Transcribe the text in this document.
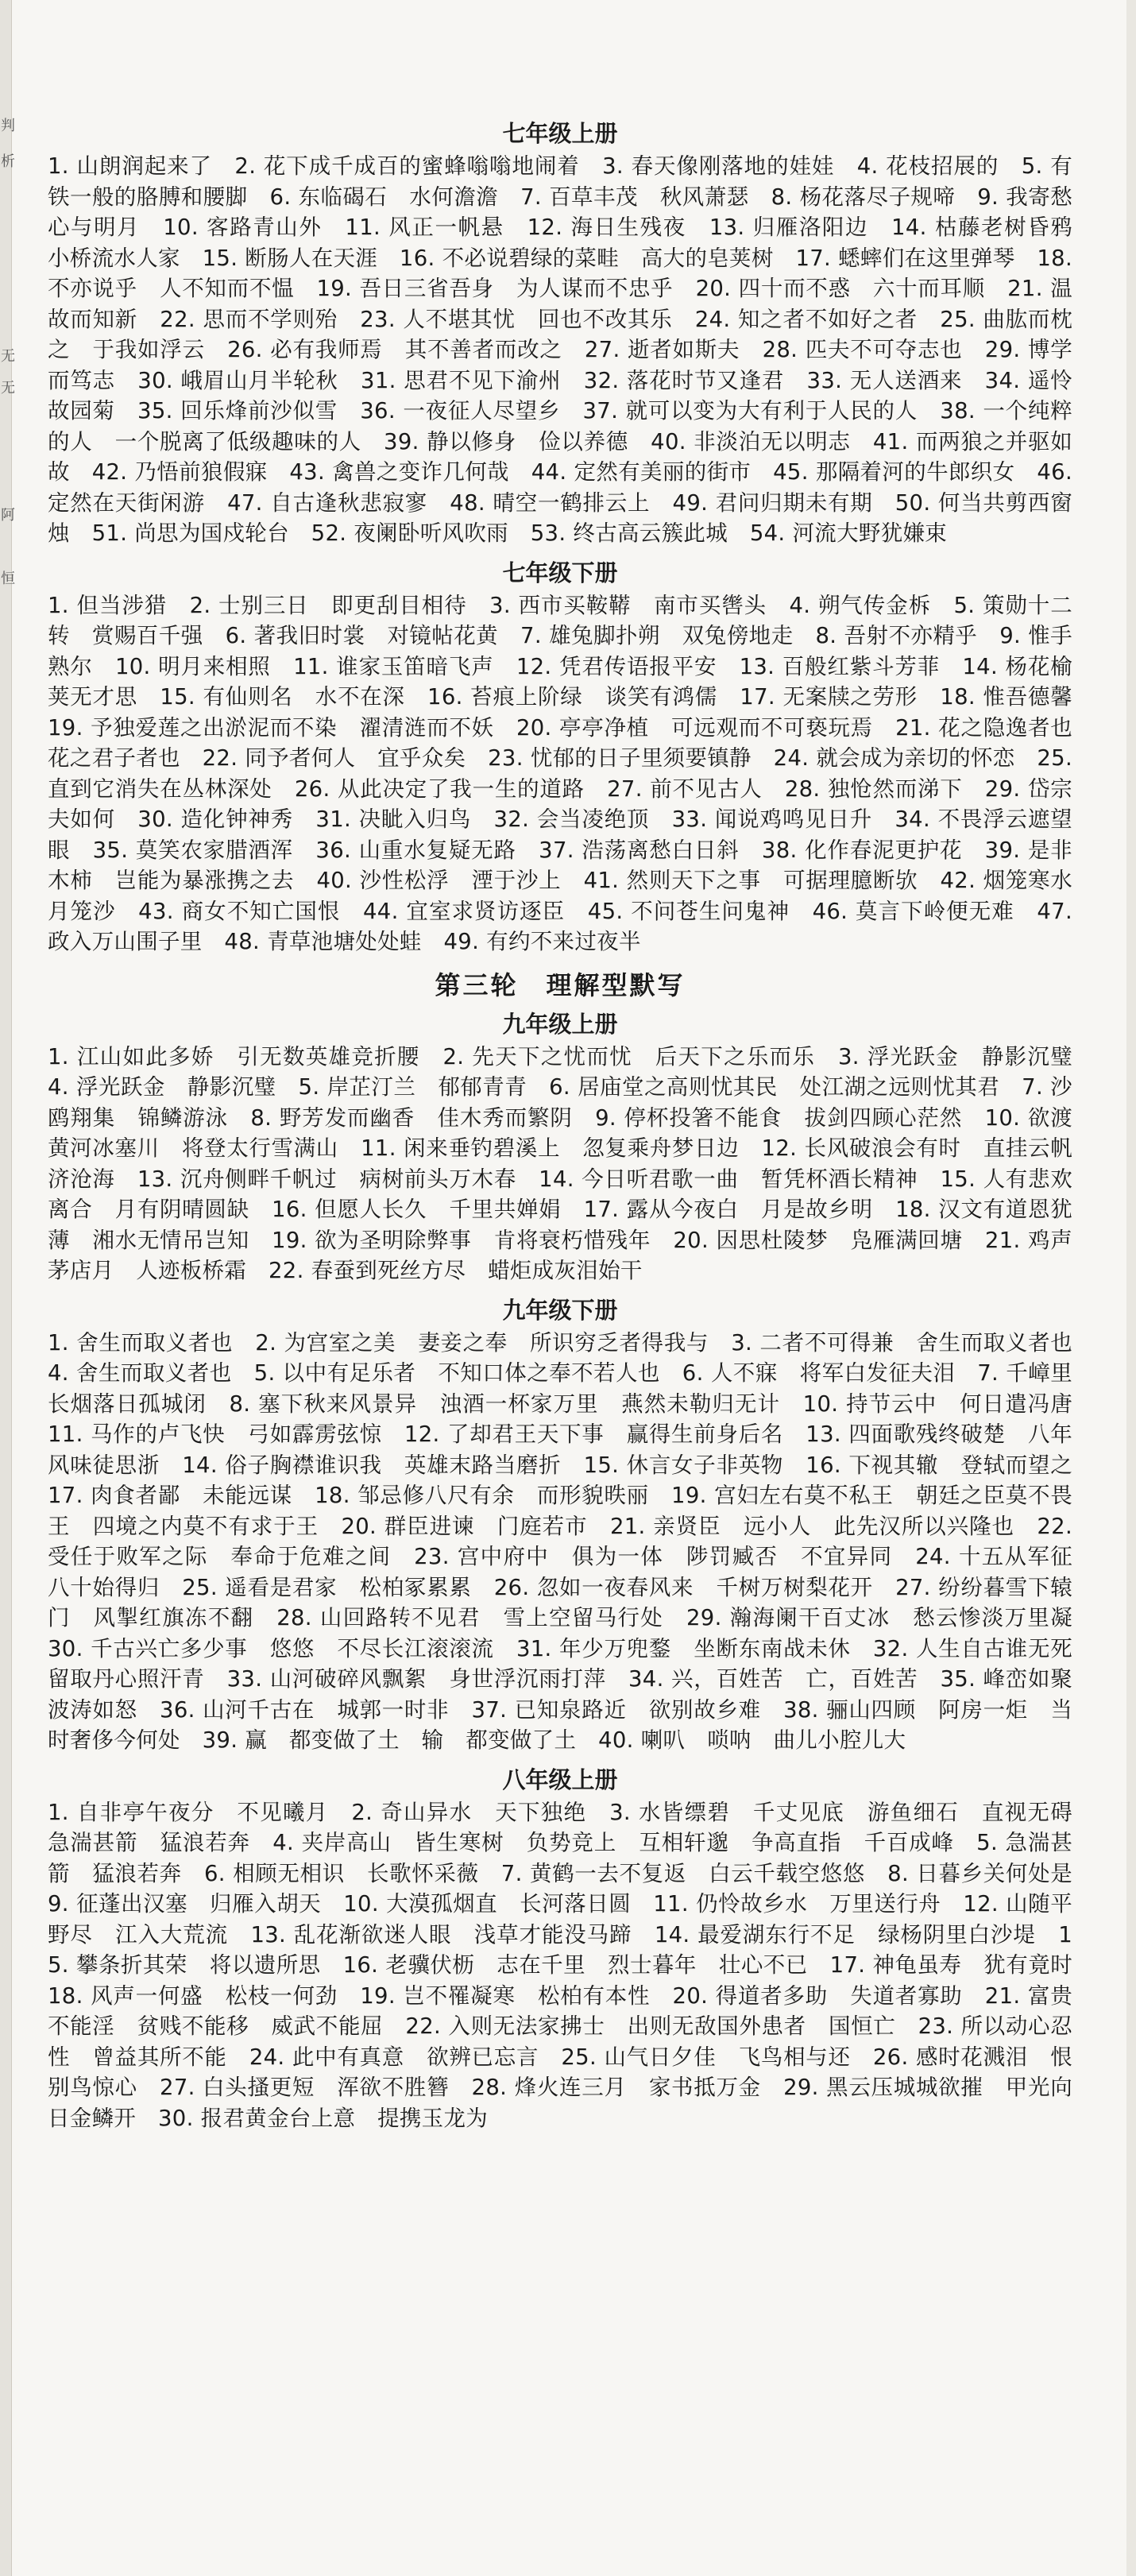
判
析
无
无
阿
恒
七年级上册
1. 山朗润起来了　2. 花下成千成百的蜜蜂嗡嗡地闹着　3. 春天像刚落地的娃娃　4. 花枝招展的　5. 有铁一般的胳膊和腰脚　6. 东临碣石　水何澹澹　7. 百草丰茂　秋风萧瑟　8. 杨花落尽子规啼　9. 我寄愁心与明月　10. 客路青山外　11. 风正一帆悬　12. 海日生残夜　13. 归雁洛阳边　14. 枯藤老树昏鸦　小桥流水人家　15. 断肠人在天涯　16. 不必说碧绿的菜畦　高大的皂荚树　17. 蟋蟀们在这里弹琴　18. 不亦说乎　人不知而不愠　19. 吾日三省吾身　为人谋而不忠乎　20. 四十而不惑　六十而耳顺　21. 温故而知新　22. 思而不学则殆　23. 人不堪其忧　回也不改其乐　24. 知之者不如好之者　25. 曲肱而枕之　于我如浮云　26. 必有我师焉　其不善者而改之　27. 逝者如斯夫　28. 匹夫不可夺志也　29. 博学而笃志　30. 峨眉山月半轮秋　31. 思君不见下渝州　32. 落花时节又逢君　33. 无人送酒来　34. 遥怜故园菊　35. 回乐烽前沙似雪　36. 一夜征人尽望乡　37. 就可以变为大有利于人民的人　38. 一个纯粹的人　一个脱离了低级趣味的人　39. 静以修身　俭以养德　40. 非淡泊无以明志　41. 而两狼之并驱如故　42. 乃悟前狼假寐　43. 禽兽之变诈几何哉　44. 定然有美丽的街市　45. 那隔着河的牛郎织女　46. 定然在天街闲游　47. 自古逢秋悲寂寥　48. 晴空一鹤排云上　49. 君问归期未有期　50. 何当共剪西窗烛　51. 尚思为国戍轮台　52. 夜阑卧听风吹雨　53. 终古高云簇此城　54. 河流大野犹嫌束
七年级下册
1. 但当涉猎　2. 士别三日　即更刮目相待　3. 西市买鞍鞯　南市买辔头　4. 朔气传金柝　5. 策勋十二转　赏赐百千强　6. 著我旧时裳　对镜帖花黄　7. 雄兔脚扑朔　双兔傍地走　8. 吾射不亦精乎　9. 惟手熟尔　10. 明月来相照　11. 谁家玉笛暗飞声　12. 凭君传语报平安　13. 百般红紫斗芳菲　14. 杨花榆荚无才思　15. 有仙则名　水不在深　16. 苔痕上阶绿　谈笑有鸿儒　17. 无案牍之劳形　18. 惟吾德馨　19. 予独爱莲之出淤泥而不染　濯清涟而不妖　20. 亭亭净植　可远观而不可亵玩焉　21. 花之隐逸者也　花之君子者也　22. 同予者何人　宜乎众矣　23. 忧郁的日子里须要镇静　24. 就会成为亲切的怀恋　25. 直到它消失在丛林深处　26. 从此决定了我一生的道路　27. 前不见古人　28. 独怆然而涕下　29. 岱宗夫如何　30. 造化钟神秀　31. 决眦入归鸟　32. 会当凌绝顶　33. 闻说鸡鸣见日升　34. 不畏浮云遮望眼　35. 莫笑农家腊酒浑　36. 山重水复疑无路　37. 浩荡离愁白日斜　38. 化作春泥更护花　39. 是非木柿　岂能为暴涨携之去　40. 沙性松浮　湮于沙上　41. 然则天下之事　可据理臆断欤　42. 烟笼寒水月笼沙　43. 商女不知亡国恨　44. 宜室求贤访逐臣　45. 不问苍生问鬼神　46. 莫言下岭便无难　47. 政入万山围子里　48. 青草池塘处处蛙　49. 有约不来过夜半
第三轮　理解型默写
九年级上册
1. 江山如此多娇　引无数英雄竞折腰　2. 先天下之忧而忧　后天下之乐而乐　3. 浮光跃金　静影沉璧　4. 浮光跃金　静影沉璧　5. 岸芷汀兰　郁郁青青　6. 居庙堂之高则忧其民　处江湖之远则忧其君　7. 沙鸥翔集　锦鳞游泳　8. 野芳发而幽香　佳木秀而繁阴　9. 停杯投箸不能食　拔剑四顾心茫然　10. 欲渡黄河冰塞川　将登太行雪满山　11. 闲来垂钓碧溪上　忽复乘舟梦日边　12. 长风破浪会有时　直挂云帆济沧海　13. 沉舟侧畔千帆过　病树前头万木春　14. 今日听君歌一曲　暂凭杯酒长精神　15. 人有悲欢离合　月有阴晴圆缺　16. 但愿人长久　千里共婵娟　17. 露从今夜白　月是故乡明　18. 汉文有道恩犹薄　湘水无情吊岂知　19. 欲为圣明除弊事　肯将衰朽惜残年　20. 因思杜陵梦　凫雁满回塘　21. 鸡声茅店月　人迹板桥霜　22. 春蚕到死丝方尽　蜡炬成灰泪始干
九年级下册
1. 舍生而取义者也　2. 为宫室之美　妻妾之奉　所识穷乏者得我与　3. 二者不可得兼　舍生而取义者也　4. 舍生而取义者也　5. 以中有足乐者　不知口体之奉不若人也　6. 人不寐　将军白发征夫泪　7. 千嶂里　长烟落日孤城闭　8. 塞下秋来风景异　浊酒一杯家万里　燕然未勒归无计　10. 持节云中　何日遣冯唐　11. 马作的卢飞快　弓如霹雳弦惊　12. 了却君王天下事　赢得生前身后名　13. 四面歌残终破楚　八年风味徒思浙　14. 俗子胸襟谁识我　英雄末路当磨折　15. 休言女子非英物　16. 下视其辙　登轼而望之　17. 肉食者鄙　未能远谋　18. 邹忌修八尺有余　而形貌昳丽　19. 宫妇左右莫不私王　朝廷之臣莫不畏王　四境之内莫不有求于王　20. 群臣进谏　门庭若市　21. 亲贤臣　远小人　此先汉所以兴隆也　22. 受任于败军之际　奉命于危难之间　23. 宫中府中　俱为一体　陟罚臧否　不宜异同　24. 十五从军征　八十始得归　25. 遥看是君家　松柏冢累累　26. 忽如一夜春风来　千树万树梨花开　27. 纷纷暮雪下辕门　风掣红旗冻不翻　28. 山回路转不见君　雪上空留马行处　29. 瀚海阑干百丈冰　愁云惨淡万里凝　30. 千古兴亡多少事　悠悠　不尽长江滚滚流　31. 年少万兜鍪　坐断东南战未休　32. 人生自古谁无死　留取丹心照汗青　33. 山河破碎风飘絮　身世浮沉雨打萍　34. 兴，百姓苦　亡，百姓苦　35. 峰峦如聚　波涛如怒　36. 山河千古在　城郭一时非　37. 已知泉路近　欲别故乡难　38. 骊山四顾　阿房一炬　当时奢侈今何处　39. 赢　都变做了土　输　都变做了土　40. 喇叭　唢呐　曲儿小腔儿大
八年级上册
1. 自非亭午夜分　不见曦月　2. 奇山异水　天下独绝　3. 水皆缥碧　千丈见底　游鱼细石　直视无碍　急湍甚箭　猛浪若奔　4. 夹岸高山　皆生寒树　负势竞上　互相轩邈　争高直指　千百成峰　5. 急湍甚箭　猛浪若奔　6. 相顾无相识　长歌怀采薇　7. 黄鹤一去不复返　白云千载空悠悠　8. 日暮乡关何处是　9. 征蓬出汉塞　归雁入胡天　10. 大漠孤烟直　长河落日圆　11. 仍怜故乡水　万里送行舟　12. 山随平野尽　江入大荒流　13. 乱花渐欲迷人眼　浅草才能没马蹄　14. 最爱湖东行不足　绿杨阴里白沙堤　15. 攀条折其荣　将以遗所思　16. 老骥伏枥　志在千里　烈士暮年　壮心不已　17. 神龟虽寿　犹有竟时　18. 风声一何盛　松枝一何劲　19. 岂不罹凝寒　松柏有本性　20. 得道者多助　失道者寡助　21. 富贵不能淫　贫贱不能移　威武不能屈　22. 入则无法家拂士　出则无敌国外患者　国恒亡　23. 所以动心忍性　曾益其所不能　24. 此中有真意　欲辨已忘言　25. 山气日夕佳　飞鸟相与还　26. 感时花溅泪　恨别鸟惊心　27. 白头搔更短　浑欲不胜簪　28. 烽火连三月　家书抵万金　29. 黑云压城城欲摧　甲光向日金鳞开　30. 报君黄金台上意　提携玉龙为
